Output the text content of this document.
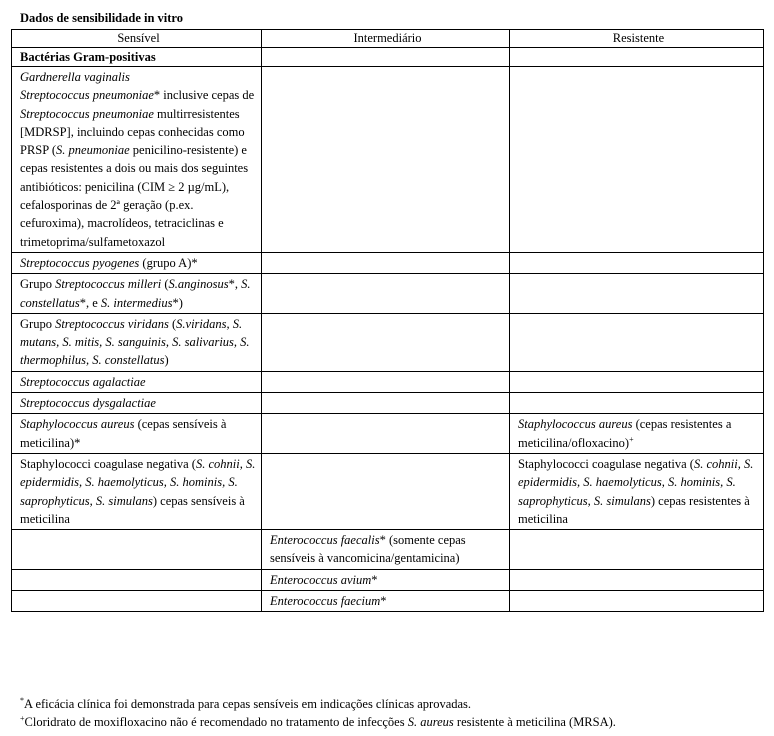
Dados de sensibilidade in vitro
Sensível	Intermediário	Resistente
Bactérias Gram-positivas		
Gardnerella vaginalis
Streptococcus pneumoniae* inclusive cepas de Streptococcus pneumoniae multirresistentes [MDRSP], incluindo cepas conhecidas como PRSP (S. pneumoniae penicilino-resistente) e cepas resistentes a dois ou mais dos seguintes antibióticos: penicilina (CIM ≥ 2 µg/mL), cefalosporinas de 2ª geração (p.ex. cefuroxima), macrolídeos, tetraciclinas e trimetoprima/sulfametoxazol		
Streptococcus pyogenes (grupo A)*		
Grupo Streptococcus milleri (S.anginosus*, S. constellatus*, e S. intermedius*)		
Grupo Streptococcus viridans (S.viridans, S. mutans, S. mitis, S. sanguinis, S. salivarius, S. thermophilus, S. constellatus)		
Streptococcus agalactiae		
Streptococcus dysgalactiae		
Staphylococcus aureus (cepas sensíveis à meticilina)*		Staphylococcus aureus (cepas resistentes a meticilina/ofloxacino)+
Staphylococci coagulase negativa (S. cohnii, S. epidermidis, S. haemolyticus, S. hominis, S. saprophyticus, S. simulans) cepas sensíveis à meticilina		Staphylococci coagulase negativa (S. cohnii, S. epidermidis, S. haemolyticus, S. hominis, S. saprophyticus, S. simulans) cepas resistentes à meticilina
	Enterococcus faecalis* (somente cepas sensíveis à vancomicina/gentamicina)	
	Enterococcus avium*	
	Enterococcus faecium*	
*A eficácia clínica foi demonstrada para cepas sensíveis em indicações clínicas aprovadas.
+Cloridrato de moxifloxacino não é recomendado no tratamento de infecções S. aureus resistente à meticilina (MRSA).
